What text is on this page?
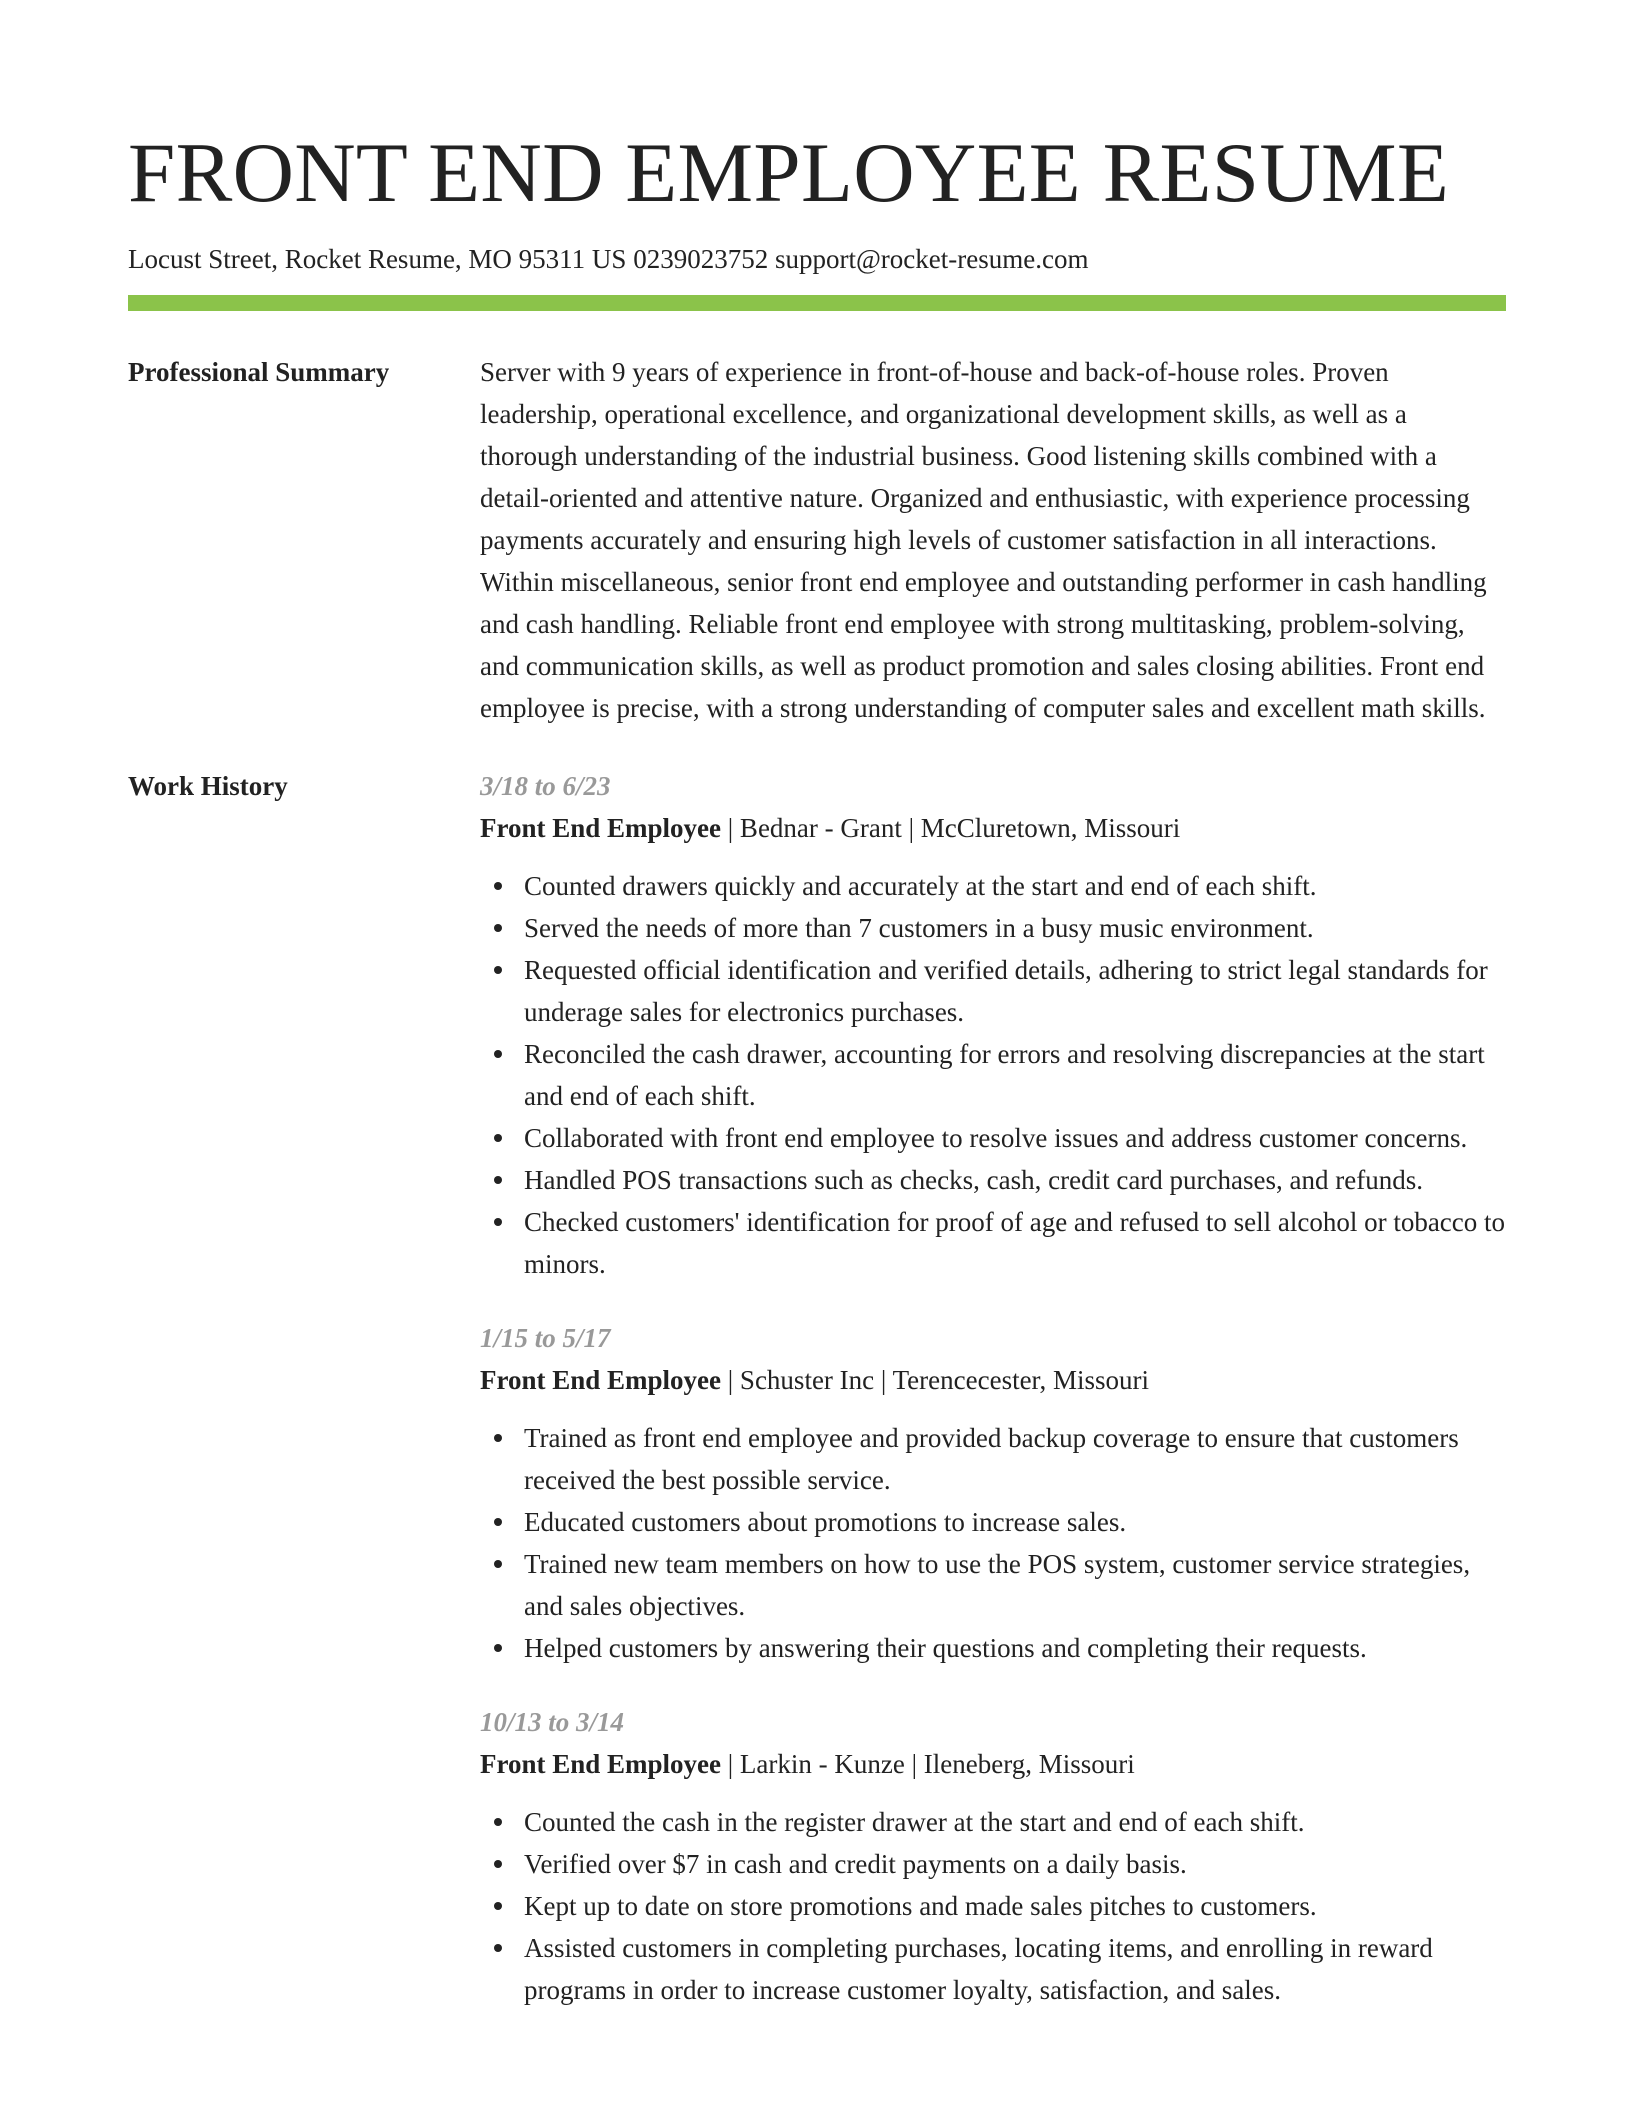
FRONT END EMPLOYEE RESUME
Locust Street, Rocket Resume, MO 95311 US 0239023752 support@rocket-resume.com
Professional Summary	Server with 9 years of experience in front-of-house and back-of-house roles. Proven leadership, operational excellence, and organizational development skills, as well as a thorough understanding of the industrial business. Good listening skills combined with a detail-oriented and attentive nature. Organized and enthusiastic, with experience processing payments accurately and ensuring high levels of customer satisfaction in all interactions. Within miscellaneous, senior front end employee and outstanding performer in cash handling and cash handling. Reliable front end employee with strong multitasking, problem-solving, and communication skills, as well as product promotion and sales closing abilities. Front end employee is precise, with a strong understanding of computer sales and excellent math skills.

Work History	3/18 to 6/23
Front End Employee | Bednar - Grant | McCluretown, Missouri
Counted drawers quickly and accurately at the start and end of each shift.
Served the needs of more than 7 customers in a busy music environment.
Requested official identification and verified details, adhering to strict legal standards for underage sales for electronics purchases.
Reconciled the cash drawer, accounting for errors and resolving discrepancies at the start and end of each shift.
Collaborated with front end employee to resolve issues and address customer concerns.
Handled POS transactions such as checks, cash, credit card purchases, and refunds.
Checked customers' identification for proof of age and refused to sell alcohol or tobacco to minors.
1/15 to 5/17
Front End Employee | Schuster Inc | Terencecester, Missouri
Trained as front end employee and provided backup coverage to ensure that customers received the best possible service.
Educated customers about promotions to increase sales.
Trained new team members on how to use the POS system, customer service strategies, and sales objectives.
Helped customers by answering their questions and completing their requests.
10/13 to 3/14
Front End Employee | Larkin - Kunze | Ileneberg, Missouri
Counted the cash in the register drawer at the start and end of each shift.
Verified over $7 in cash and credit payments on a daily basis.
Kept up to date on store promotions and made sales pitches to customers.
Assisted customers in completing purchases, locating items, and enrolling in reward programs in order to increase customer loyalty, satisfaction, and sales.
